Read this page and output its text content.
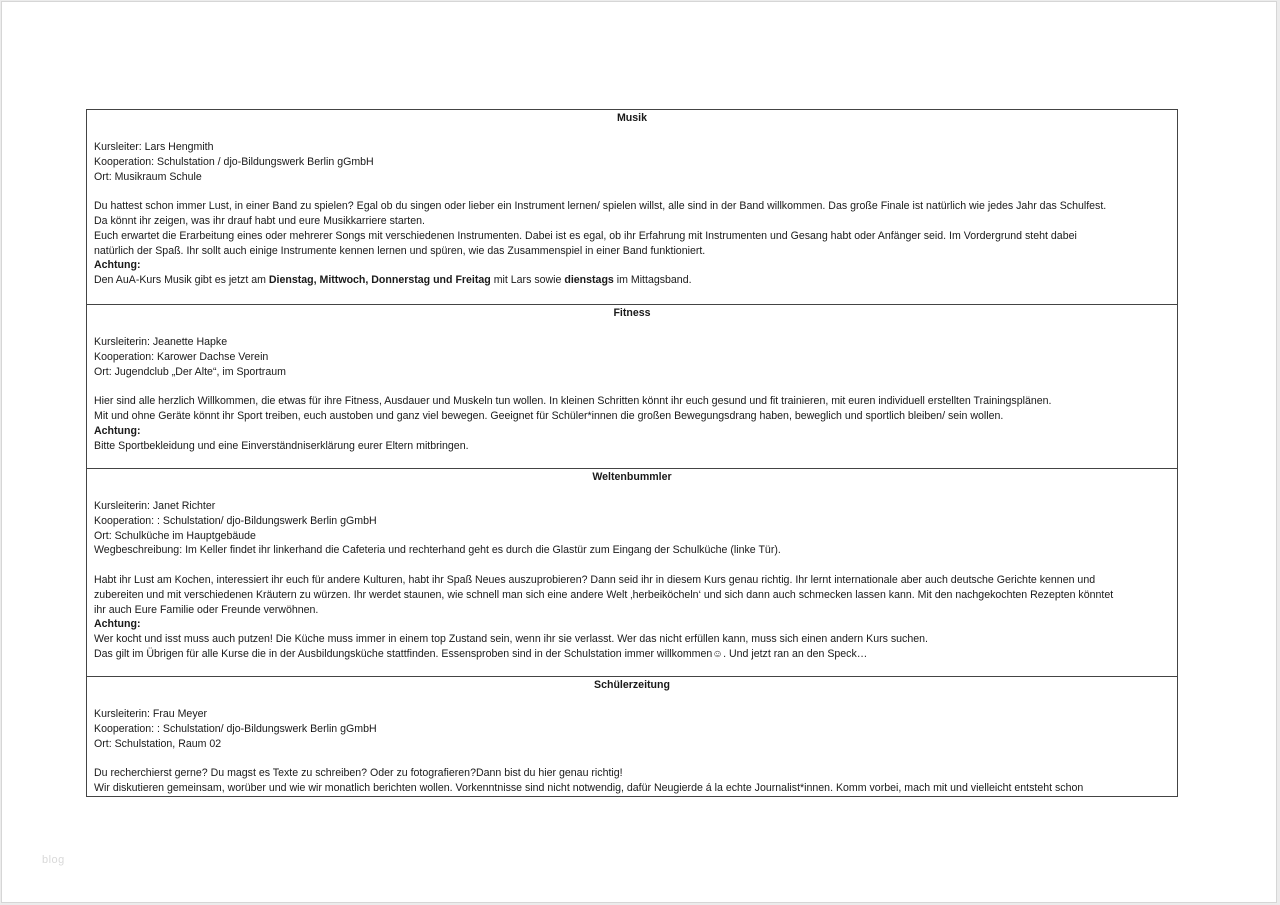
blog
Musik
Kursleiter: Lars Hengmith
Kooperation: Schulstation / djo-Bildungswerk Berlin gGmbH
Ort: Musikraum Schule
Du hattest schon immer Lust, in einer Band zu spielen? Egal ob du singen oder lieber ein Instrument lernen/ spielen willst, alle sind in der Band willkommen. Das große Finale ist natürlich wie jedes Jahr das Schulfest.
Da könnt ihr zeigen, was ihr drauf habt und eure Musikkarriere starten.
Euch erwartet die Erarbeitung eines oder mehrerer Songs mit verschiedenen Instrumenten. Dabei ist es egal, ob ihr Erfahrung mit Instrumenten und Gesang habt oder Anfänger seid. Im Vordergrund steht dabei
natürlich der Spaß. Ihr sollt auch einige Instrumente kennen lernen und spüren, wie das Zusammenspiel in einer Band funktioniert.
Achtung:
Den AuA-Kurs Musik gibt es jetzt am Dienstag, Mittwoch, Donnerstag und Freitag mit Lars sowie dienstags im Mittagsband.
Fitness
Kursleiterin: Jeanette Hapke
Kooperation: Karower Dachse Verein
Ort: Jugendclub „Der Alte“, im Sportraum
Hier sind alle herzlich Willkommen, die etwas für ihre Fitness, Ausdauer und Muskeln tun wollen. In kleinen Schritten könnt ihr euch gesund und fit trainieren, mit euren individuell erstellten Trainingsplänen.
Mit und ohne Geräte könnt ihr Sport treiben, euch austoben und ganz viel bewegen. Geeignet für Schüler*innen die großen Bewegungsdrang haben, beweglich und sportlich bleiben/ sein wollen.
Achtung:
Bitte Sportbekleidung und eine Einverständniserklärung eurer Eltern mitbringen.
Weltenbummler
Kursleiterin: Janet Richter
Kooperation: : Schulstation/ djo-Bildungswerk Berlin gGmbH
Ort: Schulküche im Hauptgebäude
Wegbeschreibung: Im Keller findet ihr linkerhand die Cafeteria und rechterhand geht es durch die Glastür zum Eingang der Schulküche (linke Tür).
Habt ihr Lust am Kochen, interessiert ihr euch für andere Kulturen, habt ihr Spaß Neues auszuprobieren? Dann seid ihr in diesem Kurs genau richtig. Ihr lernt internationale aber auch deutsche Gerichte kennen und
zubereiten und mit verschiedenen Kräutern zu würzen. Ihr werdet staunen, wie schnell man sich eine andere Welt ‚herbeiköcheln‘ und sich dann auch schmecken lassen kann. Mit den nachgekochten Rezepten könntet
ihr auch Eure Familie oder Freunde verwöhnen.
Achtung:
Wer kocht und isst muss auch putzen! Die Küche muss immer in einem top Zustand sein, wenn ihr sie verlasst. Wer das nicht erfüllen kann, muss sich einen andern Kurs suchen.
Das gilt im Übrigen für alle Kurse die in der Ausbildungsküche stattfinden. Essensproben sind in der Schulstation immer willkommen☺. Und jetzt ran an den Speck…
Schülerzeitung
Kursleiterin: Frau Meyer
Kooperation: : Schulstation/ djo-Bildungswerk Berlin gGmbH
Ort: Schulstation, Raum 02
Du recherchierst gerne? Du magst es Texte zu schreiben? Oder zu fotografieren?Dann bist du hier genau richtig!
Wir diskutieren gemeinsam, worüber und wie wir monatlich berichten wollen. Vorkenntnisse sind nicht notwendig, dafür Neugierde á la echte Journalist*innen. Komm vorbei, mach mit und vielleicht entsteht schon
